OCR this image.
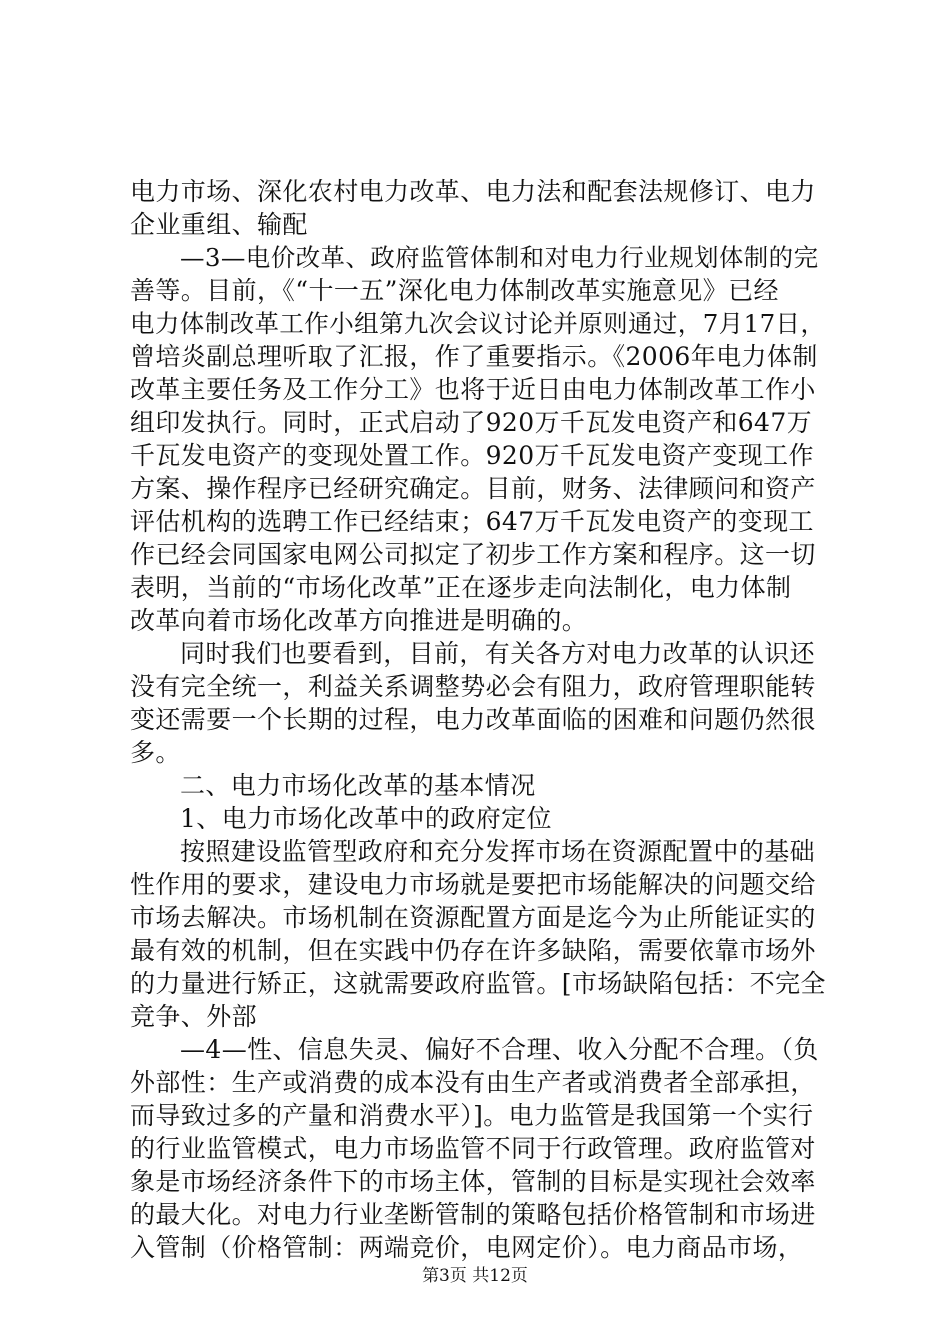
电力市场、深化农村电力改革、电力法和配套法规修订、电力
企业重组、输配
—3—电价改革、政府监管体制和对电力行业规划体制的完
善等。目前，《“十一五”深化电力体制改革实施意见》已经
电力体制改革工作小组第九次会议讨论并原则通过，7月17日，
曾培炎副总理听取了汇报，作了重要指示。《2006年电力体制
改革主要任务及工作分工》也将于近日由电力体制改革工作小
组印发执行。同时，正式启动了920万千瓦发电资产和647万
千瓦发电资产的变现处置工作。920万千瓦发电资产变现工作
方案、操作程序已经研究确定。目前，财务、法律顾问和资产
评估机构的选聘工作已经结束；647万千瓦发电资产的变现工
作已经会同国家电网公司拟定了初步工作方案和程序。这一切
表明，当前的“市场化改革”正在逐步走向法制化，电力体制
改革向着市场化改革方向推进是明确的。
同时我们也要看到，目前，有关各方对电力改革的认识还
没有完全统一，利益关系调整势必会有阻力，政府管理职能转
变还需要一个长期的过程，电力改革面临的困难和问题仍然很
多。
二、电力市场化改革的基本情况
1、电力市场化改革中的政府定位
按照建设监管型政府和充分发挥市场在资源配置中的基础
性作用的要求，建设电力市场就是要把市场能解决的问题交给
市场去解决。市场机制在资源配置方面是迄今为止所能证实的
最有效的机制，但在实践中仍存在许多缺陷，需要依靠市场外
的力量进行矫正，这就需要政府监管。[市场缺陷包括：不完全
竞争、外部
—4—性、信息失灵、偏好不合理、收入分配不合理。（负
外部性：生产或消费的成本没有由生产者或消费者全部承担，
而导致过多的产量和消费水平）]。电力监管是我国第一个实行
的行业监管模式，电力市场监管不同于行政管理。政府监管对
象是市场经济条件下的市场主体，管制的目标是实现社会效率
的最大化。对电力行业垄断管制的策略包括价格管制和市场进
入管制（价格管制：两端竞价，电网定价）。电力商品市场，
第3页 共12页
